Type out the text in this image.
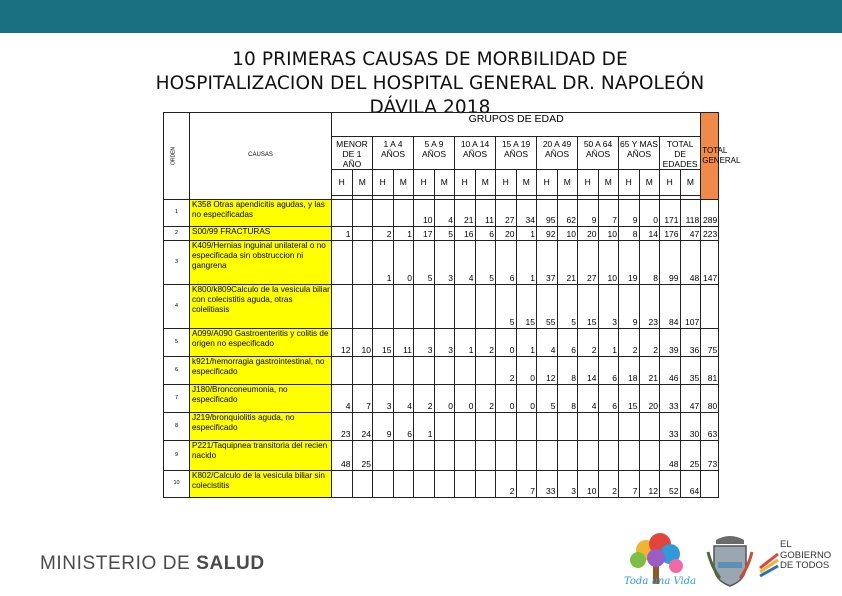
10 PRIMERAS CAUSAS DE MORBILIDAD DE HOSPITALIZACION DEL HOSPITAL GENERAL DR. NAPOLEÓN DÁVILA 2018
ORDEN	CAUSAS	GRUPOS DE EDAD																		TOTAL GENERAL
		MENOR DE 1 AÑO		1 A 4 AÑOS		5 A 9 AÑOS		10 A 14 AÑOS		15 A 19 AÑOS		20 A 49 AÑOS		50 A 64 AÑOS		65 Y MAS AÑOS		TOTAL DE EDADES		
		H	M	H	M	H	M	H	M	H	M	H	M	H	M	H	M	H	M	

1	K358 Otras apendicitis agudas, y las no especificadas					10	4	21	11	27	34	95	62	9	7	9	0	171	118	289
2	S00/99 FRACTURAS	1		2	1	17	5	16	6	20	1	92	10	20	10	8	14	176	47	223
3	K409/Hernias inguinal unilateral o no especificada sin obstruccion ni gangrena			1	0	5	3	4	5	6	1	37	21	27	10	19	8	99	48	147
4	K800/k809Calculo de la vesicula biliar con colecistitis aguda, otras colelitiasis									5	15	55	5	15	3	9	23	84	107	
5	A099/A090 Gastroenteritis y colitis de origen no especificado	12	10	15	11	3	3	1	2	0	1	4	6	2	1	2	2	39	36	75
6	k921/hemorragia gastrointestinal, no especificado									2	0	12	8	14	6	18	21	46	35	81
7	J180/Bronconeumonia, no especificado	4	7	3	4	2	0	0	2	0	0	5	8	4	6	15	20	33	47	80
8	J219/bronquiolitis aguda, no especificado	23	24	9	6	1												33	30	63
9	P221/Taquipnea transitoria del recien nacido	48	25															48	25	73
10	K802/Calculo de la vesicula biliar sin colecistitis									2	7	33	3	10	2	7	12	52	64	
MINISTERIO DE SALUD
Toda una Vida
EL
GOBIERNO
DE TODOS
